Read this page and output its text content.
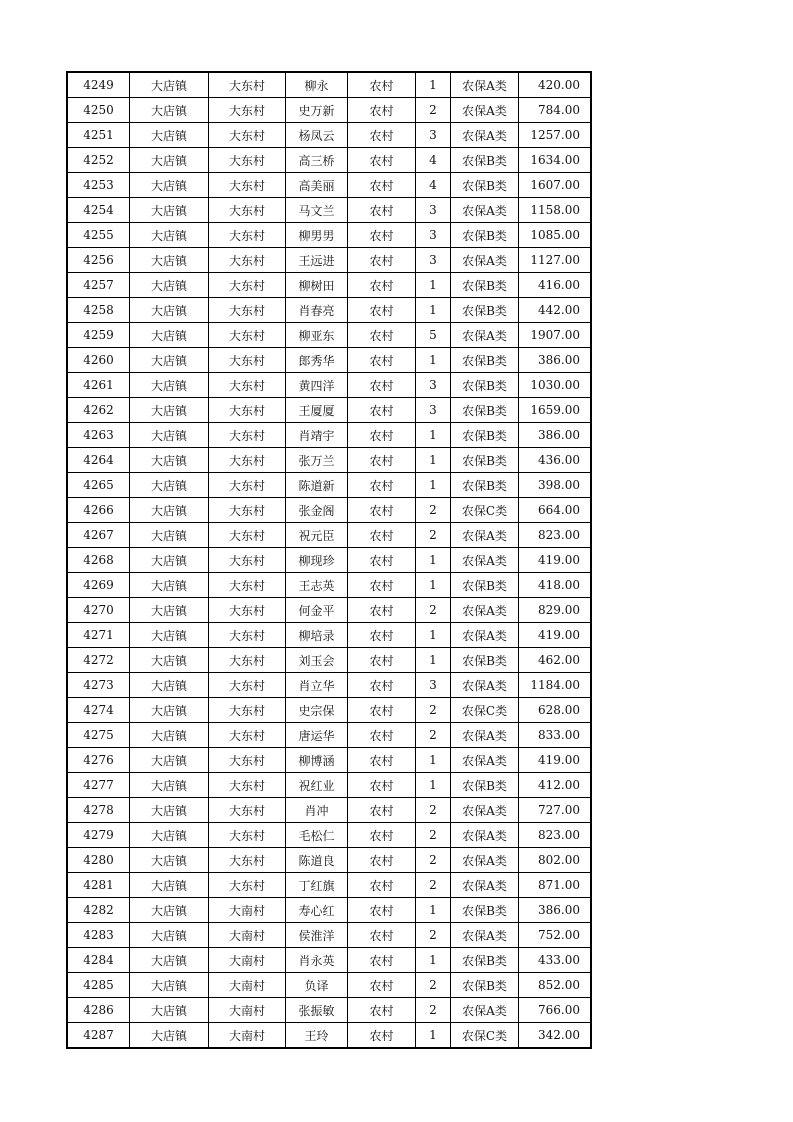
4249	大店镇	大东村	柳永	农村	1	农保A类	420.00
4250	大店镇	大东村	史万新	农村	2	农保A类	784.00
4251	大店镇	大东村	杨凤云	农村	3	农保A类	1257.00
4252	大店镇	大东村	高三桥	农村	4	农保B类	1634.00
4253	大店镇	大东村	高美丽	农村	4	农保B类	1607.00
4254	大店镇	大东村	马文兰	农村	3	农保A类	1158.00
4255	大店镇	大东村	柳男男	农村	3	农保B类	1085.00
4256	大店镇	大东村	王远进	农村	3	农保A类	1127.00
4257	大店镇	大东村	柳树田	农村	1	农保B类	416.00
4258	大店镇	大东村	肖春亮	农村	1	农保B类	442.00
4259	大店镇	大东村	柳亚东	农村	5	农保A类	1907.00
4260	大店镇	大东村	郎秀华	农村	1	农保B类	386.00
4261	大店镇	大东村	黄四洋	农村	3	农保B类	1030.00
4262	大店镇	大东村	王厦厦	农村	3	农保B类	1659.00
4263	大店镇	大东村	肖靖宇	农村	1	农保B类	386.00
4264	大店镇	大东村	张万兰	农村	1	农保B类	436.00
4265	大店镇	大东村	陈道新	农村	1	农保B类	398.00
4266	大店镇	大东村	张金阁	农村	2	农保C类	664.00
4267	大店镇	大东村	祝元臣	农村	2	农保A类	823.00
4268	大店镇	大东村	柳现珍	农村	1	农保A类	419.00
4269	大店镇	大东村	王志英	农村	1	农保B类	418.00
4270	大店镇	大东村	何金平	农村	2	农保A类	829.00
4271	大店镇	大东村	柳培录	农村	1	农保A类	419.00
4272	大店镇	大东村	刘玉会	农村	1	农保B类	462.00
4273	大店镇	大东村	肖立华	农村	3	农保A类	1184.00
4274	大店镇	大东村	史宗保	农村	2	农保C类	628.00
4275	大店镇	大东村	唐运华	农村	2	农保A类	833.00
4276	大店镇	大东村	柳博涵	农村	1	农保A类	419.00
4277	大店镇	大东村	祝红业	农村	1	农保B类	412.00
4278	大店镇	大东村	肖冲	农村	2	农保A类	727.00
4279	大店镇	大东村	毛松仁	农村	2	农保A类	823.00
4280	大店镇	大东村	陈道良	农村	2	农保A类	802.00
4281	大店镇	大东村	丁红旗	农村	2	农保A类	871.00
4282	大店镇	大南村	寿心红	农村	1	农保B类	386.00
4283	大店镇	大南村	侯淮洋	农村	2	农保A类	752.00
4284	大店镇	大南村	肖永英	农村	1	农保B类	433.00
4285	大店镇	大南村	负译	农村	2	农保B类	852.00
4286	大店镇	大南村	张振敏	农村	2	农保A类	766.00
4287	大店镇	大南村	王玲	农村	1	农保C类	342.00
